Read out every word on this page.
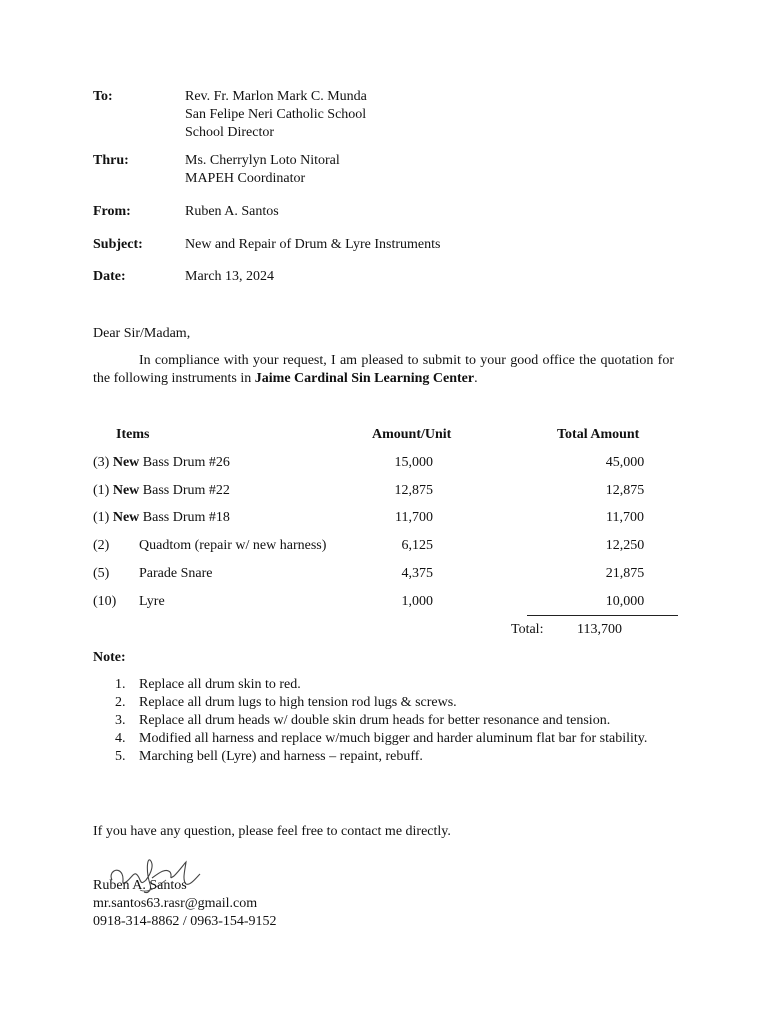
To:	Rev. Fr. Marlon Mark C. Munda
San Felipe Neri Catholic School
School Director
Thru:	Ms. Cherrylyn Loto Nitoral
MAPEH Coordinator
From:	Ruben A. Santos
Subject:	New and Repair of Drum & Lyre Instruments
Date:	March 13, 2024
Dear Sir/Madam,
In compliance with your request, I am pleased to submit to your good office the quotation for the following instruments in Jaime Cardinal Sin Learning Center.
Items	Amount/Unit	Total Amount
(3) New Bass Drum #26	15,000	45,000
(1) New Bass Drum #22	12,875	12,875
(1) New Bass Drum #18	11,700	11,700
(2) Quadtom (repair w/ new harness)	6,125	12,250
(5) Parade Snare	4,375	21,875
(10) Lyre	1,000	10,000
Total: 113,700
Note:
1. Replace all drum skin to red.
2. Replace all drum lugs to high tension rod lugs & screws.
3. Replace all drum heads w/ double skin drum heads for better resonance and tension.
4. Modified all harness and replace w/much bigger and harder aluminum flat bar for stability.
5. Marching bell (Lyre) and harness – repaint, rebuff.
If you have any question, please feel free to contact me directly.
Ruben A. Santos
mr.santos63.rasr@gmail.com
0918-314-8862 / 0963-154-9152
